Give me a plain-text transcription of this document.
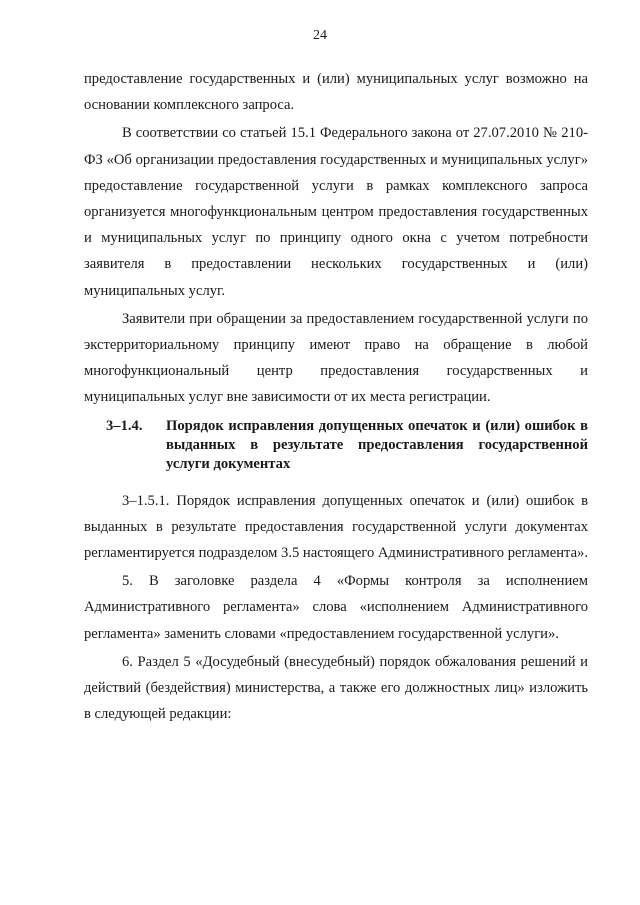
24

предоставление государственных и (или) муниципальных услуг возможно на основании комплексного запроса.

В соответствии со статьей 15.1 Федерального закона от 27.07.2010 № 210-ФЗ «Об организации предоставления государственных и муниципальных услуг» предоставление государственной услуги в рамках комплексного запроса организуется многофункциональным центром предоставления государственных и муниципальных услуг по принципу одного окна с учетом потребности заявителя в предоставлении нескольких государственных и (или) муниципальных услуг.

Заявители при обращении за предоставлением государственной услуги по экстерриториальному принципу имеют право на обращение в любой многофункциональный центр предоставления государственных и муниципальных услуг вне зависимости от их места регистрации.

3–1.4.	Порядок исправления допущенных опечаток и (или) ошибок в выданных в результате предоставления государственной услуги документах

3–1.5.1. Порядок исправления допущенных опечаток и (или) ошибок в выданных в результате предоставления государственной услуги документах регламентируется подразделом 3.5 настоящего Административного регламента».

5. В заголовке раздела 4 «Формы контроля за исполнением Административного регламента» слова «исполнением Административного регламента» заменить словами «предоставлением государственной услуги».

6. Раздел 5 «Досудебный (внесудебный) порядок обжалования решений и действий (бездействия) министерства, а также его должностных лиц» изложить в следующей редакции:
